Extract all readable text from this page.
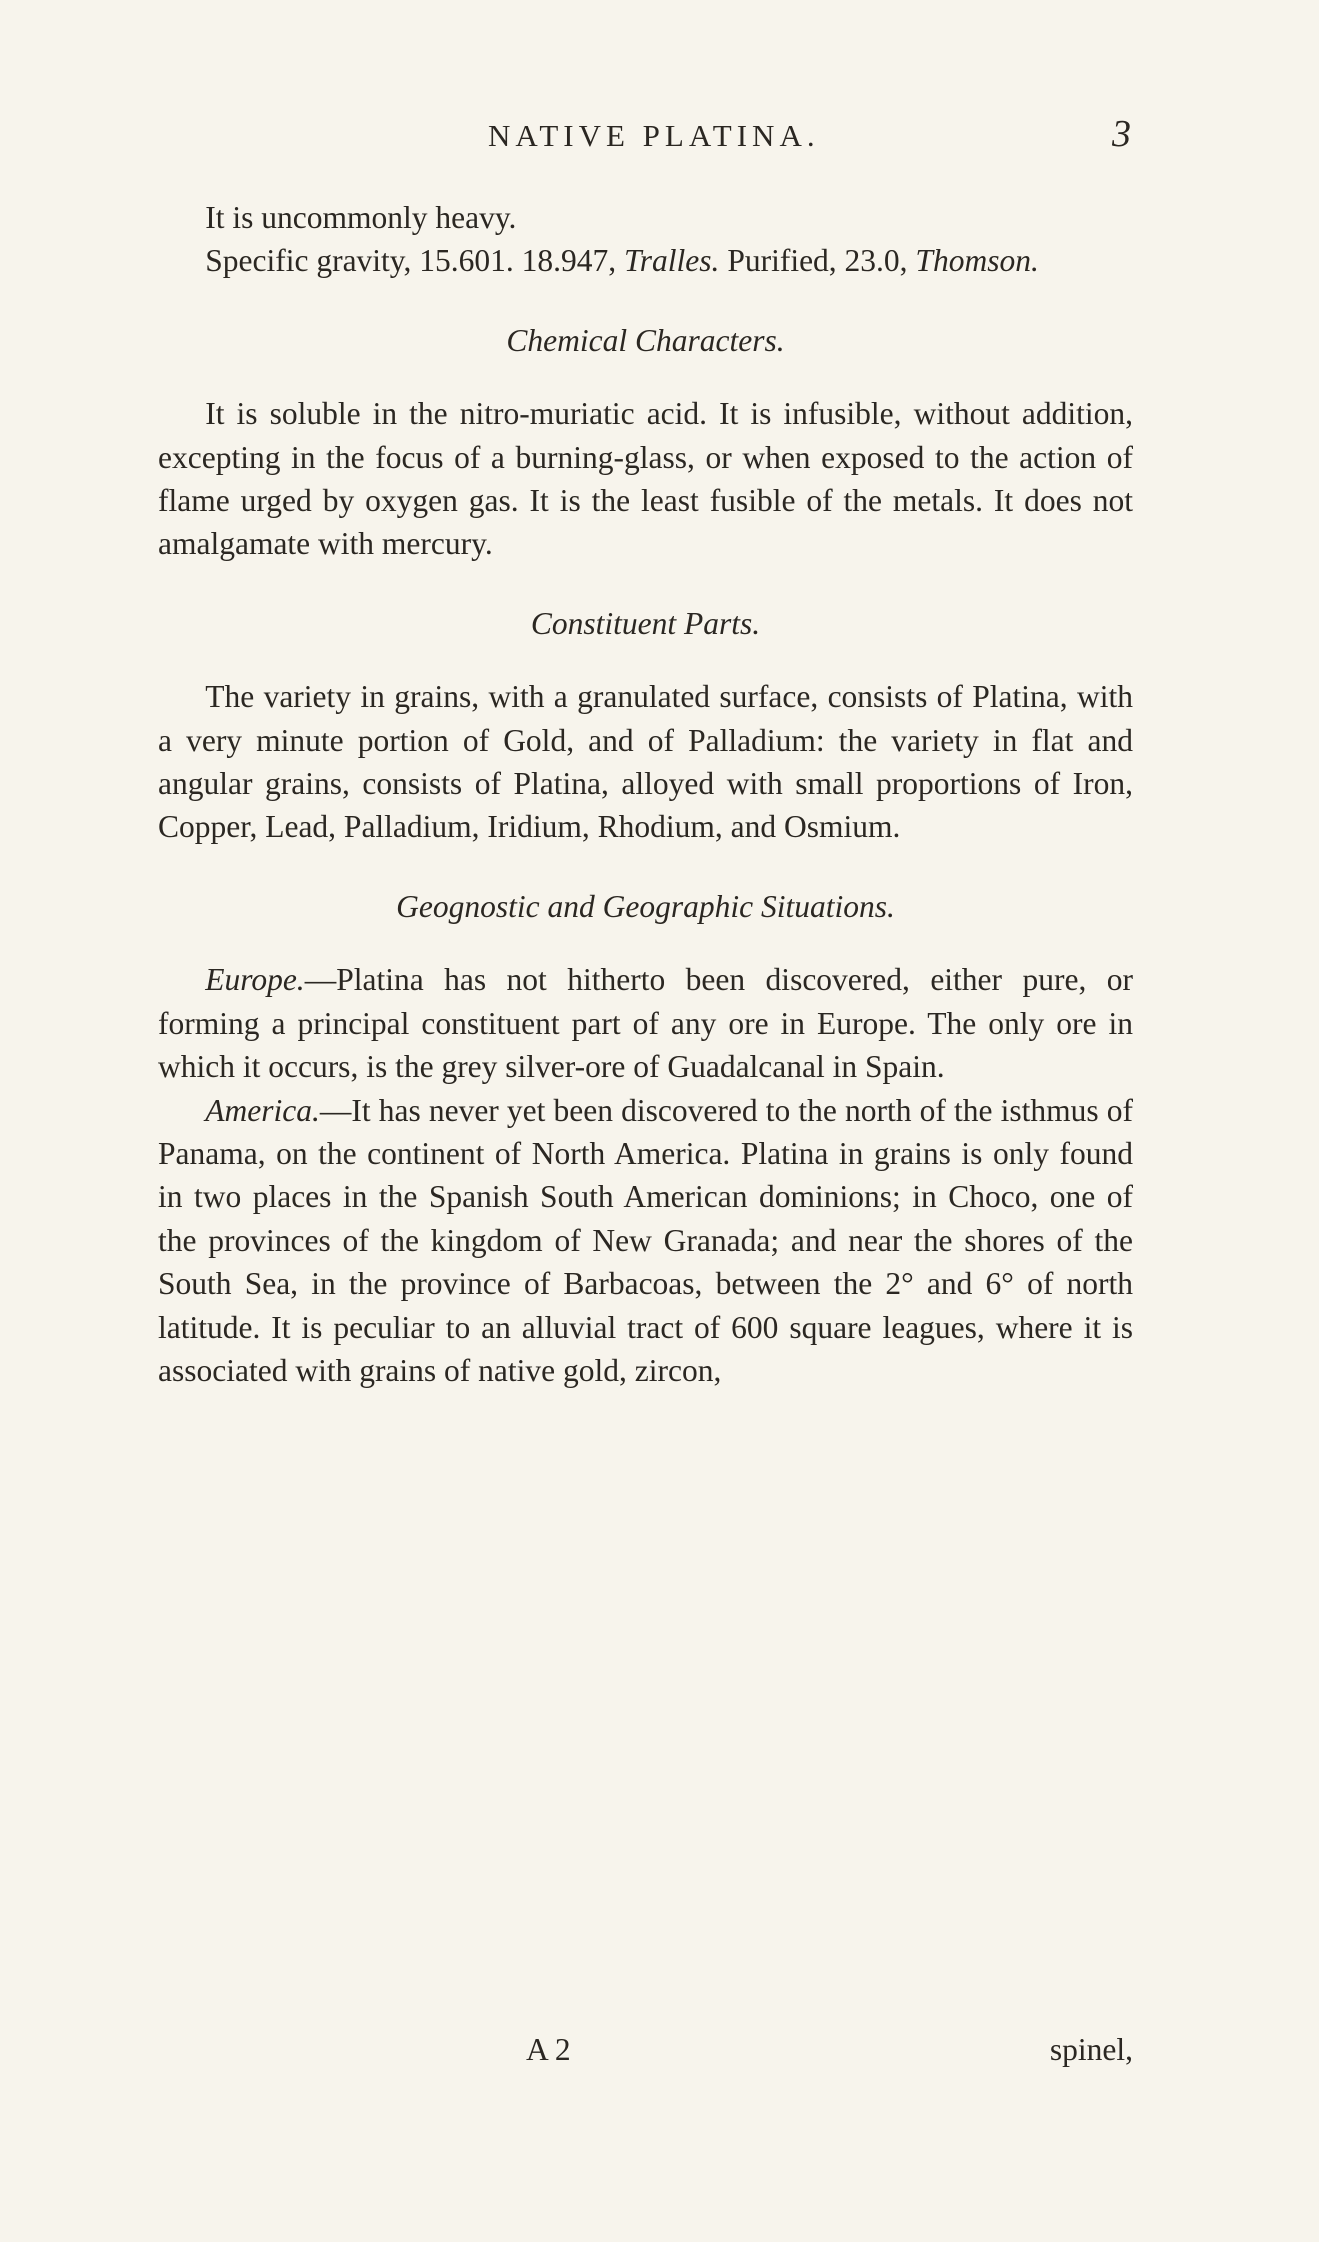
NATIVE PLATINA.	3

It is uncommonly heavy.

Specific gravity, 15.601. 18.947, Tralles. Purified, 23.0, Thomson.

Chemical Characters.

It is soluble in the nitro-muriatic acid. It is infusible, without addition, excepting in the focus of a burning-glass, or when exposed to the action of flame urged by oxygen gas. It is the least fusible of the metals. It does not amalgamate with mercury.

Constituent Parts.

The variety in grains, with a granulated surface, consists of Platina, with a very minute portion of Gold, and of Palladium: the variety in flat and angular grains, consists of Platina, alloyed with small proportions of Iron, Copper, Lead, Palladium, Iridium, Rhodium, and Osmium.

Geognostic and Geographic Situations.

Europe.—Platina has not hitherto been discovered, either pure, or forming a principal constituent part of any ore in Europe. The only ore in which it occurs, is the grey silver-ore of Guadalcanal in Spain.

America.—It has never yet been discovered to the north of the isthmus of Panama, on the continent of North America. Platina in grains is only found in two places in the Spanish South American dominions; in Choco, one of the provinces of the kingdom of New Granada; and near the shores of the South Sea, in the province of Barbacoas, between the 2° and 6° of north latitude. It is peculiar to an alluvial tract of 600 square leagues, where it is associated with grains of native gold, zircon,

A 2	spinel,
